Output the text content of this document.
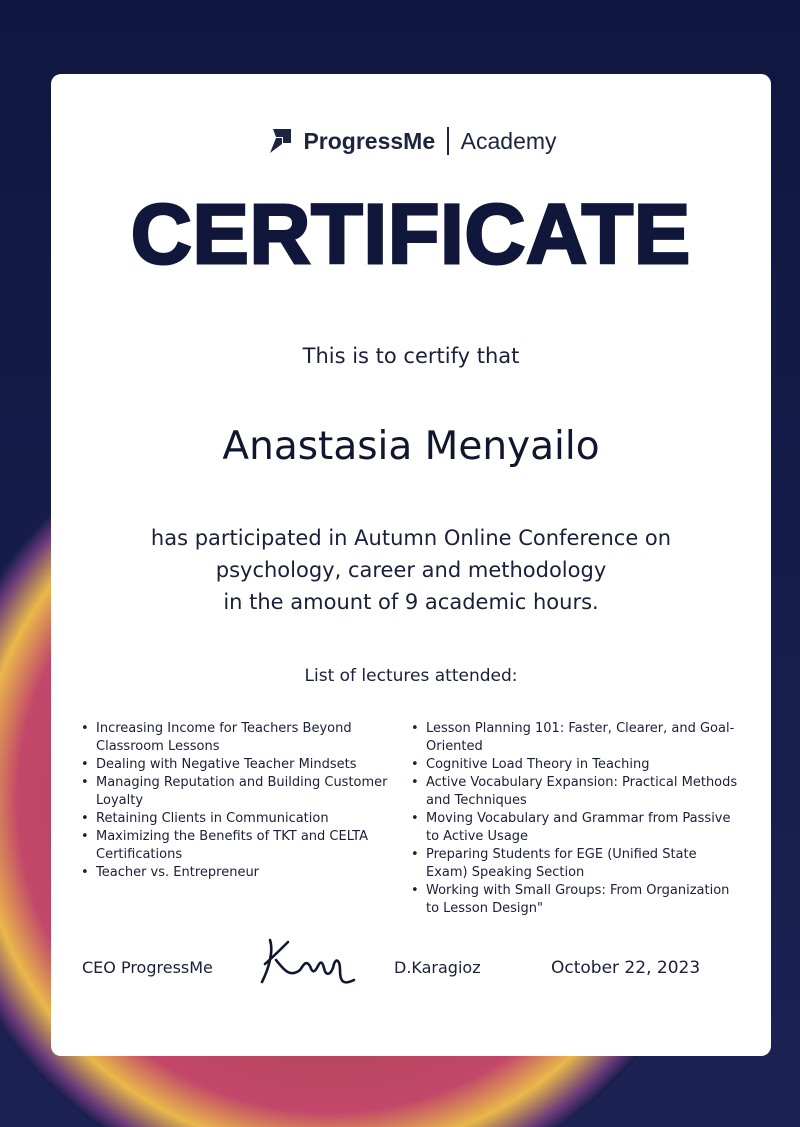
ProgressMe Academy
CERTIFICATE
This is to certify that
Anastasia Menyailo
has participated in Autumn Online Conference on
psychology, career and methodology
in the amount of 9 academic hours.
List of lectures attended:
• Increasing Income for Teachers Beyond Classroom Lessons
• Dealing with Negative Teacher Mindsets
• Managing Reputation and Building Customer Loyalty
• Retaining Clients in Communication
• Maximizing the Benefits of TKT and CELTA Certifications
• Teacher vs. Entrepreneur
• Lesson Planning 101: Faster, Clearer, and Goal-Oriented
• Cognitive Load Theory in Teaching
• Active Vocabulary Expansion: Practical Methods and Techniques
• Moving Vocabulary and Grammar from Passive to Active Usage
• Preparing Students for EGE (Unified State Exam) Speaking Section
• Working with Small Groups: From Organization to Lesson Design"
CEO ProgressMe	D.Karagioz	October 22, 2023
